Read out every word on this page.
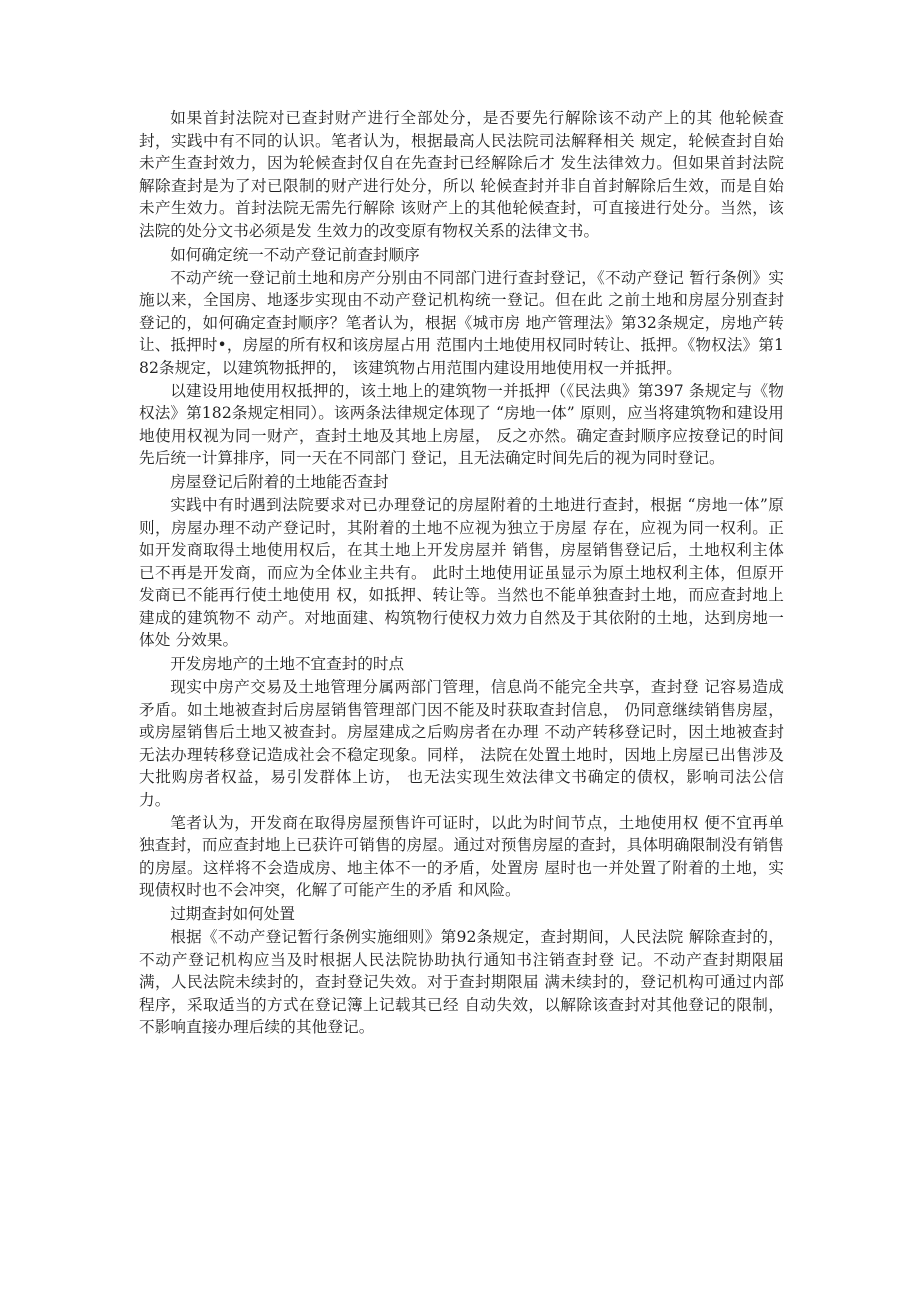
如果首封法院对已查封财产进行全部处分，是否要先行解除该不动产上的其 他轮候查封，实践中有不同的认识。笔者认为，根据最高人民法院司法解释相关 规定，轮候查封自始未产生查封效力，因为轮候查封仅自在先查封已经解除后才 发生法律效力。但如果首封法院解除查封是为了对已限制的财产进行处分，所以 轮候查封并非自首封解除后生效，而是自始未产生效力。首封法院无需先行解除 该财产上的其他轮候查封，可直接进行处分。当然，该法院的处分文书必须是发 生效力的改变原有物权关系的法律文书。

如何确定统一不动产登记前查封顺序

不动产统一登记前土地和房产分别由不同部门进行查封登记，《不动产登记 暂行条例》实施以来，全国房、地逐步实现由不动产登记机构统一登记。但在此 之前土地和房屋分别查封登记的，如何确定查封顺序？笔者认为，根据《城市房 地产管理法》第32条规定，房地产转让、抵押时•，房屋的所有权和该房屋占用 范围内土地使用权同时转让、抵押。《物权法》第182条规定，以建筑物抵押的， 该建筑物占用范围内建设用地使用权一并抵押。

以建设用地使用权抵押的，该土地上的建筑物一并抵押（《民法典》第397 条规定与《物权法》第182条规定相同）。该两条法律规定体现了 “房地一体” 原则，应当将建筑物和建设用地使用权视为同一财产，查封土地及其地上房屋， 反之亦然。确定查封顺序应按登记的时间先后统一计算排序，同一天在不同部门 登记，且无法确定时间先后的视为同时登记。

房屋登记后附着的土地能否查封

实践中有时遇到法院要求对已办理登记的房屋附着的土地进行查封，根据 “房地一体”原则，房屋办理不动产登记时，其附着的土地不应视为独立于房屋 存在，应视为同一权利。正如开发商取得土地使用权后，在其土地上开发房屋并 销售，房屋销售登记后，土地权利主体已不再是开发商，而应为全体业主共有。 此时土地使用证虽显示为原土地权利主体，但原开发商已不能再行使土地使用 权，如抵押、转让等。当然也不能单独查封土地，而应查封地上建成的建筑物不 动产。对地面建、构筑物行使权力效力自然及于其依附的土地，达到房地一体处 分效果。

开发房地产的土地不宜查封的时点

现实中房产交易及土地管理分属两部门管理，信息尚不能完全共享，查封登 记容易造成矛盾。如土地被查封后房屋销售管理部门因不能及时获取查封信息， 仍同意继续销售房屋，或房屋销售后土地又被查封。房屋建成之后购房者在办理 不动产转移登记时，因土地被查封无法办理转移登记造成社会不稳定现象。同样， 法院在处置土地时，因地上房屋已出售涉及大批购房者权益，易引发群体上访， 也无法实现生效法律文书确定的债权，影响司法公信力。

笔者认为，开发商在取得房屋预售许可证时，以此为时间节点，土地使用权 便不宜再单独查封，而应查封地上已获许可销售的房屋。通过对预售房屋的查封，具体明确限制没有销售的房屋。这样将不会造成房、地主体不一的矛盾，处置房 屋时也一并处置了附着的土地，实现债权时也不会冲突，化解了可能产生的矛盾 和风险。

过期查封如何处置

根据《不动产登记暂行条例实施细则》第92条规定，查封期间，人民法院 解除查封的，不动产登记机构应当及时根据人民法院协助执行通知书注销查封登 记。不动产查封期限届满，人民法院未续封的，查封登记失效。对于查封期限届 满未续封的，登记机构可通过内部程序，采取适当的方式在登记簿上记载其已经 自动失效，以解除该查封对其他登记的限制，不影响直接办理后续的其他登记。
